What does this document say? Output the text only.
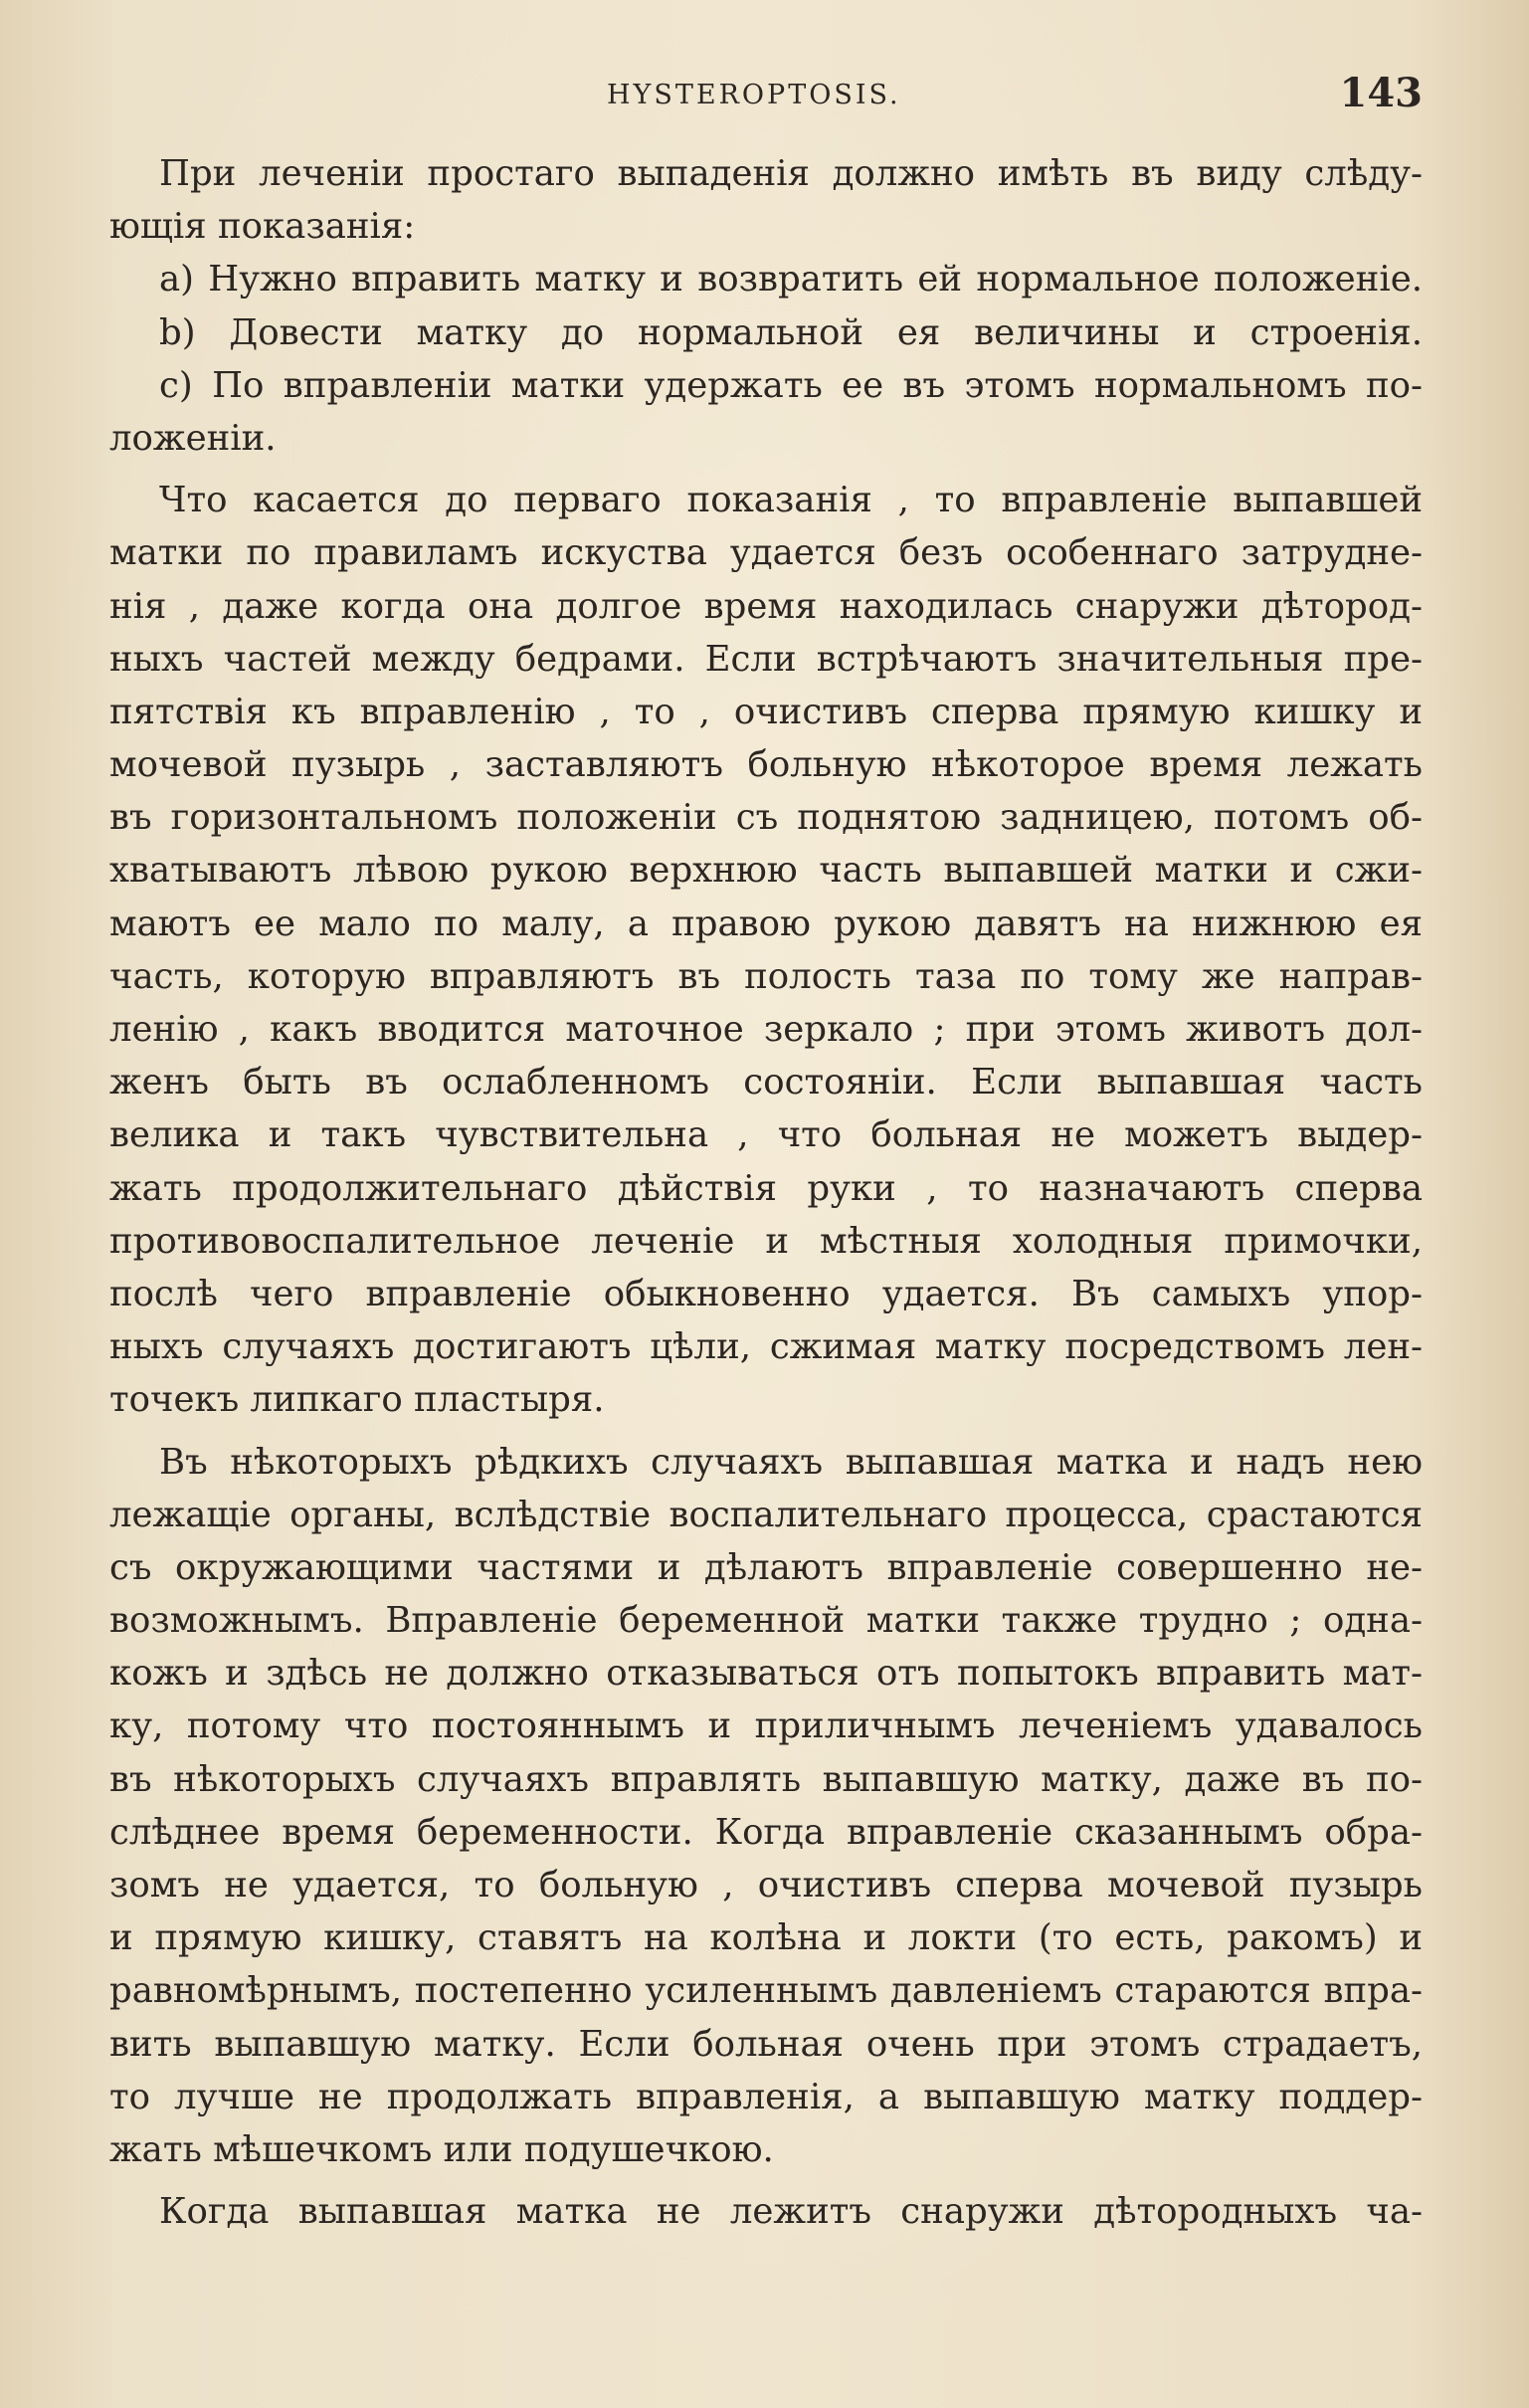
HYSTEROPTOSIS.	143
При леченіи простаго выпаденія должно имѣть въ виду слѣду-
ющія показанія:
a) Нужно вправить матку и возвратить ей нормальное положеніе.
b) Довести матку до нормальной ея величины и строенія.
c) По вправленіи матки удержать ее въ этомъ нормальномъ по-
ложеніи.
Что касается до перваго показанія , то вправленіе выпавшей
матки по правиламъ искуства удается безъ особеннаго затрудне-
нія , даже когда она долгое время находилась снаружи дѣтород-
ныхъ частей между бедрами. Если встрѣчаютъ значительныя пре-
пятствія къ вправленію , то , очистивъ сперва прямую кишку и
мочевой пузырь , заставляютъ больную нѣкоторое время лежать
въ горизонтальномъ положеніи съ поднятою задницею, потомъ об-
хватываютъ лѣвою рукою верхнюю часть выпавшей матки и сжи-
маютъ ее мало по малу, а правою рукою давятъ на нижнюю ея
часть, которую вправляютъ въ полость таза по тому же направ-
ленію , какъ вводится маточное зеркало ; при этомъ животъ дол-
женъ быть въ ослабленномъ состояніи. Если выпавшая часть
велика и такъ чувствительна , что больная не можетъ выдер-
жать продолжительнаго дѣйствія руки , то назначаютъ сперва
противовоспалительное леченіе и мѣстныя холодныя примочки,
послѣ чего вправленіе обыкновенно удается. Въ самыхъ упор-
ныхъ случаяхъ достигаютъ цѣли, сжимая матку посредствомъ лен-
точекъ липкаго пластыря.
Въ нѣкоторыхъ рѣдкихъ случаяхъ выпавшая матка и надъ нею
лежащіе органы, вслѣдствіе воспалительнаго процесса, срастаются
съ окружающими частями и дѣлаютъ вправленіе совершенно не-
возможнымъ. Вправленіе беременной матки также трудно ; одна-
кожъ и здѣсь не должно отказываться отъ попытокъ вправить мат-
ку, потому что постояннымъ и приличнымъ леченіемъ удавалось
въ нѣкоторыхъ случаяхъ вправлять выпавшую матку, даже въ по-
слѣднее время беременности. Когда вправленіе сказаннымъ обра-
зомъ не удается, то больную , очистивъ сперва мочевой пузырь
и прямую кишку, ставятъ на колѣна и локти (то есть, ракомъ) и
равномѣрнымъ, постепенно усиленнымъ давленіемъ стараются впра-
вить выпавшую матку. Если больная очень при этомъ страдаетъ,
то лучше не продолжать вправленія, а выпавшую матку поддер-
жать мѣшечкомъ или подушечкою.
Когда выпавшая матка не лежитъ снаружи дѣтородныхъ ча-
